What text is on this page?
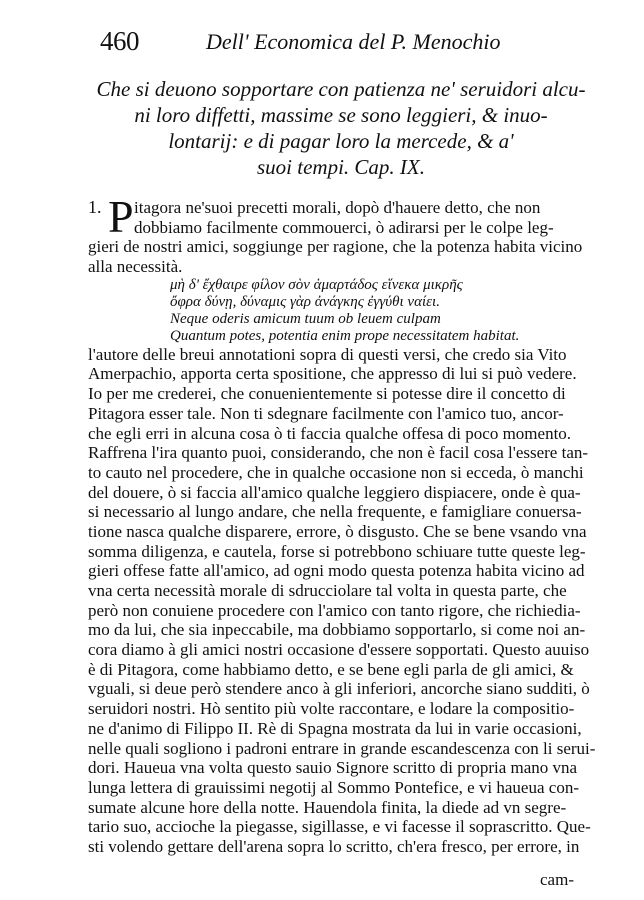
460	Dell' Economica del P. Menochio
Che si deuono sopportare con patienza ne' seruidori alcu-
ni loro diffetti, massime se sono leggieri, & inuo-
lontarij: e di pagar loro la mercede, & a'
suoi tempi. Cap. IX.
1. P itagora ne'suoi precetti morali, dopò d'hauere detto, che non
dobbiamo facilmente commouerci, ò adirarsi per le colpe leg-
gieri de nostri amici, soggiunge per ragione, che la potenza habita vicino
alla necessità.
μὴ δ' ἔχθαιρε φίλον σὸν ἁμαρτάδος εἵνεκα μικρῆς
ὄφρα δύνῃ, δύναμις γὰρ ἀνάγκης ἐγγύθι ναίει.
Neque oderis amicum tuum ob leuem culpam
Quantum potes, potentia enim prope necessitatem habitat.
l'autore delle breui annotationi sopra di questi versi, che credo sia Vito
Amerpachio, apporta certa spositione, che appresso di lui si può vedere.
Io per me crederei, che conuenientemente si potesse dire il concetto di
Pitagora esser tale. Non ti sdegnare facilmente con l'amico tuo, ancor-
che egli erri in alcuna cosa ò ti faccia qualche offesa di poco momento.
Raffrena l'ira quanto puoi, considerando, che non è facil cosa l'essere tan-
to cauto nel procedere, che in qualche occasione non si ecceda, ò manchi
del douere, ò si faccia all'amico qualche leggiero dispiacere, onde è qua-
si necessario al lungo andare, che nella frequente, e famigliare conuersa-
tione nasca qualche disparere, errore, ò disgusto. Che se bene vsando vna
somma diligenza, e cautela, forse si potrebbono schiuare tutte queste leg-
gieri offese fatte all'amico, ad ogni modo questa potenza habita vicino ad
vna certa necessità morale di sdrucciolare tal volta in questa parte, che
però non conuiene procedere con l'amico con tanto rigore, che richiedia-
mo da lui, che sia inpeccabile, ma dobbiamo sopportarlo, si come noi an-
cora diamo à gli amici nostri occasione d'essere sopportati. Questo auuiso
è di Pitagora, come habbiamo detto, e se bene egli parla de gli amici, &
vguali, si deue però stendere anco à gli inferiori, ancorche siano sudditi, ò
seruidori nostri. Hò sentito più volte raccontare, e lodare la compositio-
ne d'animo di Filippo II. Rè di Spagna mostrata da lui in varie occasioni,
nelle quali sogliono i padroni entrare in grande escandescenza con li serui-
dori. Haueua vna volta questo sauio Signore scritto di propria mano vna
lunga lettera di grauissimi negotij al Sommo Pontefice, e vi haueua con-
sumate alcune hore della notte. Hauendola finita, la diede ad vn segre-
tario suo, accioche la piegasse, sigillasse, e vi facesse il soprascritto. Que-
sti volendo gettare dell'arena sopra lo scritto, ch'era fresco, per errore, in
cam-
